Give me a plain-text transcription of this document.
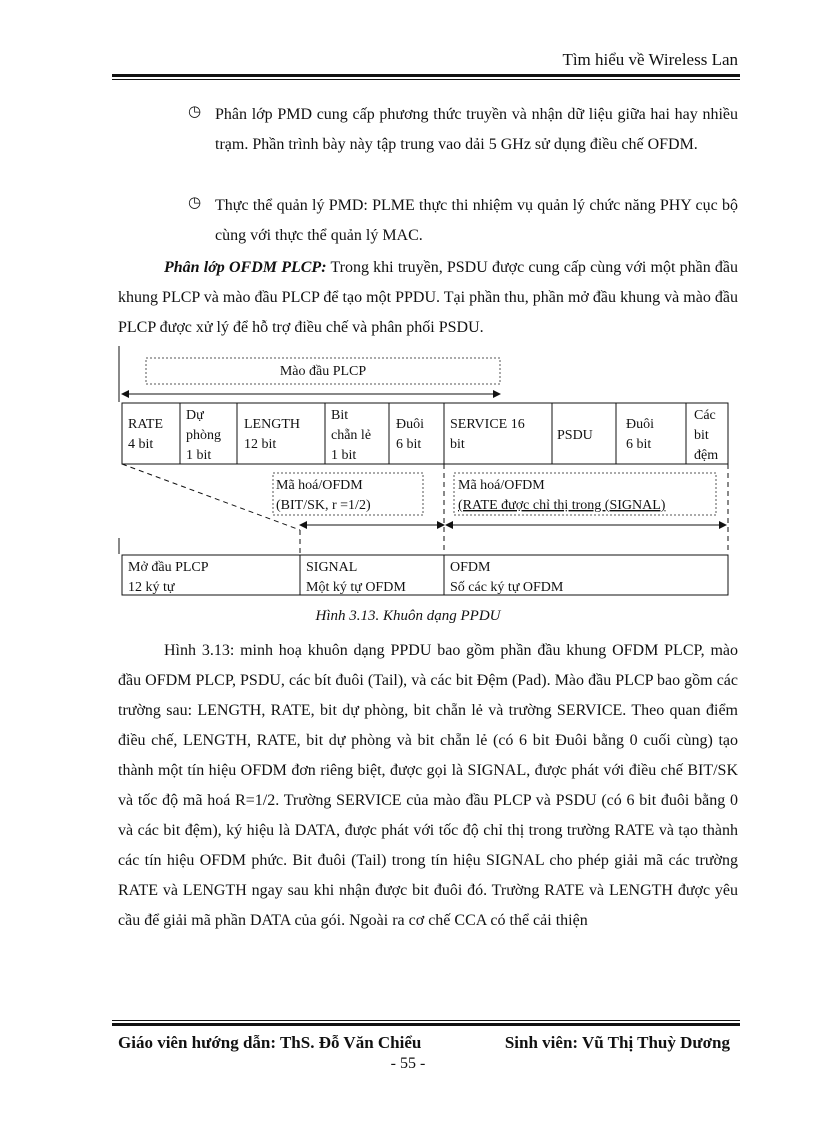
Tìm hiểu về Wireless Lan
◷ Phân lớp PMD cung cấp phương thức truyền và nhận dữ liệu giữa hai hay nhiều trạm. Phần trình bày này tập trung vao dải 5 GHz sử dụng điều chế OFDM.
◷ Thực thể quản lý PMD: PLME thực thi nhiệm vụ quản lý chức năng PHY cục bộ cùng với thực thể quản lý MAC.
Phân lớp OFDM PLCP: Trong khi truyền, PSDU được cung cấp cùng với một phần đầu khung PLCP và mào đầu PLCP để tạo một PPDU. Tại phần thu, phần mở đầu khung và mào đầu PLCP được xử lý để hỗ trợ điều chế và phân phối PSDU.
Mào đầu PLCP
RATE
4 bit
Dự
phòng
1 bit
LENGTH
12 bit
Bit
chẵn lẻ
1 bit
Đuôi
6 bit
SERVICE 16
bit
PSDU
Đuôi
6 bit
Các
bit
đệm
Mã hoá/OFDM
(BIT/SK, r =1/2)
Mã hoá/OFDM
(RATE được chỉ thị trong (SIGNAL)
Mở đầu PLCP
12 ký tự
SIGNAL
Một ký tự OFDM
OFDM
Số các ký tự OFDM
Hình 3.13. Khuôn dạng PPDU
Hình 3.13: minh hoạ khuôn dạng PPDU bao gồm phần đầu khung OFDM PLCP, mào đầu OFDM PLCP, PSDU, các bít đuôi (Tail), và các bit Đệm (Pad). Mào đầu PLCP bao gồm các trường sau: LENGTH, RATE, bit dự phòng, bit chẵn lẻ và trường SERVICE. Theo quan điểm điều chế, LENGTH, RATE, bit dự phòng và bit chẵn lẻ (có 6 bit Đuôi bằng 0 cuối cùng) tạo thành một tín hiệu OFDM đơn riêng biệt, được gọi là SIGNAL, được phát với điều chế BIT/SK và tốc độ mã hoá R=1/2. Trường SERVICE của mào đầu PLCP và PSDU (có 6 bit đuôi bằng 0 và các bit đệm), ký hiệu là DATA, được phát với tốc độ chỉ thị trong trường RATE và tạo thành các tín hiệu OFDM phức. Bit đuôi (Tail) trong tín hiệu SIGNAL cho phép giải mã các trường RATE và LENGTH ngay sau khi nhận được bit đuôi đó. Trường RATE và LENGTH được yêu cầu để giải mã phần DATA của gói. Ngoài ra cơ chế CCA có thể cải thiện
Giáo viên hướng dẫn: ThS. Đỗ Văn Chiểu	Sinh viên: Vũ Thị Thuỳ Dương
- 55 -
